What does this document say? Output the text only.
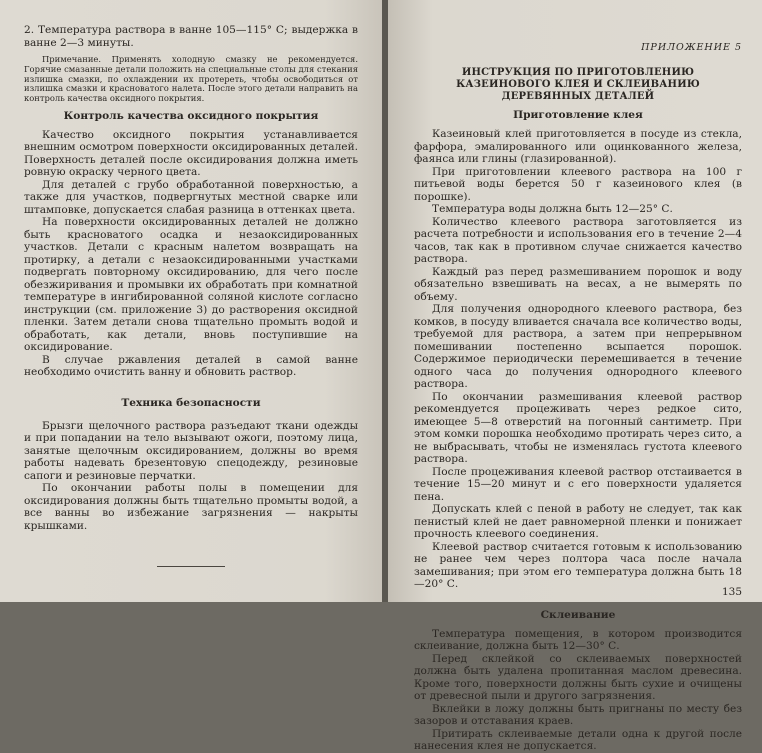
2. Температура раствора в ванне 105—115° С; выдержка в ванне 2—3 минуты.

Примечание. Применять холодную смазку не рекомендуется. Горячие смазанные детали положить на специальные столы для стекания излишка смазки, по охлаждении их протереть, чтобы освободиться от излишка смазки и красноватого налета. После этого детали направить на контроль качества оксидного покрытия.

Контроль качества оксидного покрытия

Качество оксидного покрытия устанавливается внешним осмотром поверхности оксидированных деталей. Поверхность деталей после оксидирования должна иметь ровную окраску черного цвета.

Для деталей с грубо обработанной поверхностью, а также для участков, подвергнутых местной сварке или штамповке, допускается слабая разница в оттенках цвета.

На поверхности оксидированных деталей не должно быть красноватого осадка и незаоксидированных участков. Детали с красным налетом возвращать на протирку, а детали с незаоксидированными участками подвергать повторному оксидированию, для чего после обезжиривания и промывки их обработать при комнатной температуре в ингибированной соляной кислоте согласно инструкции (см. приложение 3) до растворения оксидной пленки. Затем детали снова тщательно промыть водой и обработать, как детали, вновь поступившие на оксидирование.

В случае ржавления деталей в самой ванне необходимо очистить ванну и обновить раствор.

Техника безопасности

Брызги щелочного раствора разъедают ткани одежды и при попадании на тело вызывают ожоги, поэтому лица, занятые щелочным оксидированием, должны во время работы надевать брезентовую спецодежду, резиновые сапоги и резиновые перчатки.

По окончании работы полы в помещении для оксидирования должны быть тщательно промыты водой, а все ванны во избежание загрязнения — накрыты крышками.

ПРИЛОЖЕНИЕ 5
ИНСТРУКЦИЯ ПО ПРИГОТОВЛЕНИЮ КАЗЕИНОВОГО КЛЕЯ И СКЛЕИВАНИЮ ДЕРЕВЯННЫХ ДЕТАЛЕЙ
Приготовление клея

Казеиновый клей приготовляется в посуде из стекла, фарфора, эмалированного или оцинкованного железа, фаянса или глины (глазированной).

При приготовлении клеевого раствора на 100 г питьевой воды берется 50 г казеинового клея (в порошке).

Температура воды должна быть 12—25° С.

Количество клеевого раствора заготовляется из расчета потребности и использования его в течение 2—4 часов, так как в противном случае снижается качество раствора.

Каждый раз перед размешиванием порошок и воду обязательно взвешивать на весах, а не вымерять по объему.

Для получения однородного клеевого раствора, без комков, в посуду вливается сначала все количество воды, требуемой для раствора, а затем при непрерывном помешивании постепенно всыпается порошок. Содержимое периодически перемешивается в течение одного часа до получения однородного клеевого раствора.

По окончании размешивания клеевой раствор рекомендуется процеживать через редкое сито, имеющее 5—8 отверстий на погонный сантиметр. При этом комки порошка необходимо протирать через сито, а не выбрасывать, чтобы не изменялась густота клеевого раствора.

После процеживания клеевой раствор отстаивается в течение 15—20 минут и с его поверхности удаляется пена.

Допускать клей с пеной в работу не следует, так как пенистый клей не дает равномерной пленки и понижает прочность клеевого соединения.

Клеевой раствор считается готовым к использованию не ранее чем через полтора часа после начала замешивания; при этом его температура должна быть 18—20° С.

Склеивание

Температура помещения, в котором производится склеивание, должна быть 12—30° С.

Перед склейкой со склеиваемых поверхностей должна быть удалена пропитанная маслом древесина. Кроме того, поверхности должны быть сухие и очищены от древесной пыли и другого загрязнения.

Вклейки в ложу должны быть пригнаны по месту без зазоров и отставания краев.

Притирать склеиваемые детали одна к другой после нанесения клея не допускается.

135
